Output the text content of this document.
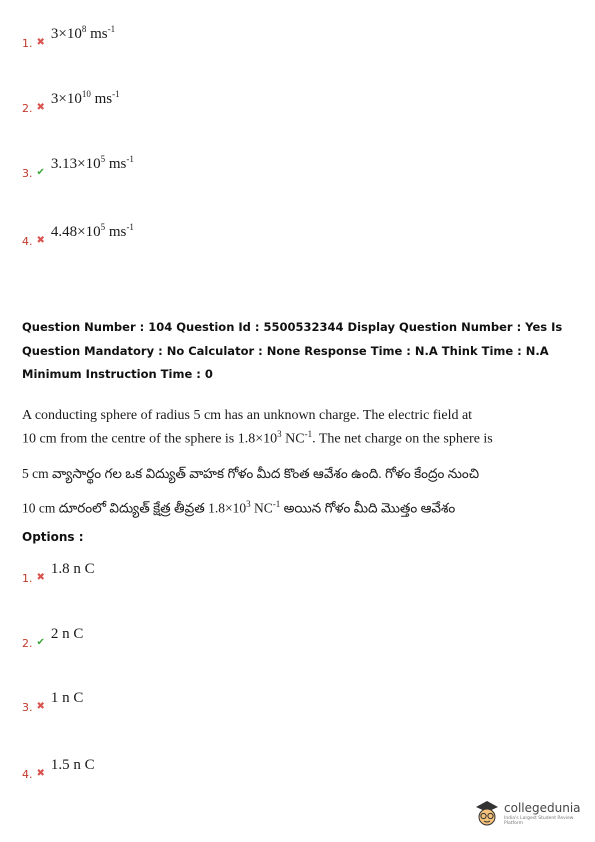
1. ✖
$3\times 10^8$ $ms^{-1}$
2. ✖
$3\times 10^{10}$ $ms^{-1}$
3. ✔
$3.13\times 10^5$ $ms^{-1}$
4. ✖
$4.48\times 10^5$ $ms^{-1}$
Question Number : 104 Question Id : 5500532344 Display Question Number : Yes Is Question Mandatory : No Calculator : None Response Time : N.A Think Time : N.A Minimum Instruction Time : 0
A conducting sphere of radius 5 cm has an unknown charge. The electric field at
10 cm from the centre of the sphere is $1.8\times 10^3$ $NC^{-1}$. The net charge on the sphere is
5 cm వ్యాసార్థం గల ఒక విద్యుత్ వాహక గోళం మీద కొంత ఆవేశం ఉంది. గోళం కేంద్రం నుంచి
10 cm దూరంలో విద్యుత్ క్షేత్ర తీవ్రత $1.8\times 10^3$ $NC^{-1}$ అయిన గోళం మీది మొత్తం ఆవేశం
Options :
1. ✖
1.8 n C
2. ✔
2 n C
3. ✖
1 n C
4. ✖
1.5 n C
collegedunia
India's Largest Student Review Platform
